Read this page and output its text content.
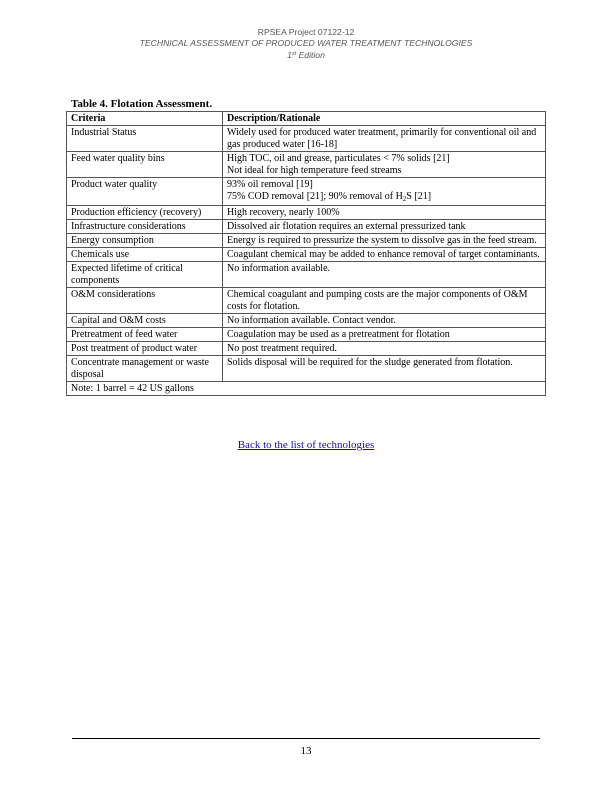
RPSEA Project 07122-12
TECHNICAL ASSESSMENT OF PRODUCED WATER TREATMENT TECHNOLOGIES
1st Edition
Table 4. Flotation Assessment.
Criteria	Description/Rationale
Industrial Status	Widely used for produced water treatment, primarily for conventional oil and gas produced water [16-18]
Feed water quality bins	High TOC, oil and grease, particulates < 7% solids [21]
Not ideal for high temperature feed streams

Product water quality	93% oil removal [19]
75% COD removal [21]; 90% removal of $H_2S$ [21]

Production efficiency (recovery)	High recovery, nearly 100%
Infrastructure considerations	Dissolved air flotation requires an external pressurized tank
Energy consumption	Energy is required to pressurize the system to dissolve gas in the feed stream.
Chemicals use	Coagulant chemical may be added to enhance removal of target contaminants.
Expected lifetime of critical components	No information available.
O&M considerations	Chemical coagulant and pumping costs are the major components of O&M costs for flotation.
Capital and O&M costs	No information available. Contact vendor.
Pretreatment of feed water	Coagulation may be used as a pretreatment for flotation
Post treatment of product water	No post treatment required.
Concentrate management or waste disposal	Solids disposal will be required for the sludge generated from flotation.
Note: 1 barrel = 42 US gallons	
Back to the list of technologies
13
